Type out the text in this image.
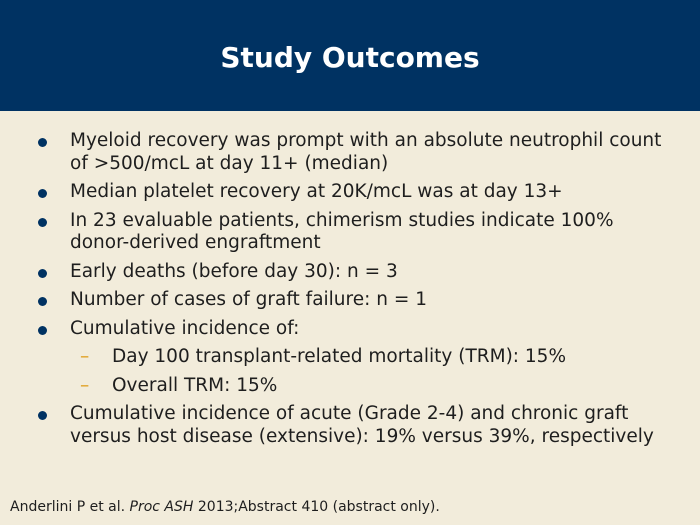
Study Outcomes
Myeloid recovery was prompt with an absolute neutrophil count of >500/mcL at day 11+ (median)
Median platelet recovery at 20K/mcL was at day 13+
In 23 evaluable patients, chimerism studies indicate 100% donor-derived engraftment
Early deaths (before day 30): n = 3
Number of cases of graft failure: n = 1
Cumulative incidence of:
– Day 100 transplant-related mortality (TRM): 15%
– Overall TRM: 15%
Cumulative incidence of acute (Grade 2-4) and chronic graft versus host disease (extensive): 19% versus 39%, respectively
Anderlini P et al. Proc ASH 2013;Abstract 410 (abstract only).
